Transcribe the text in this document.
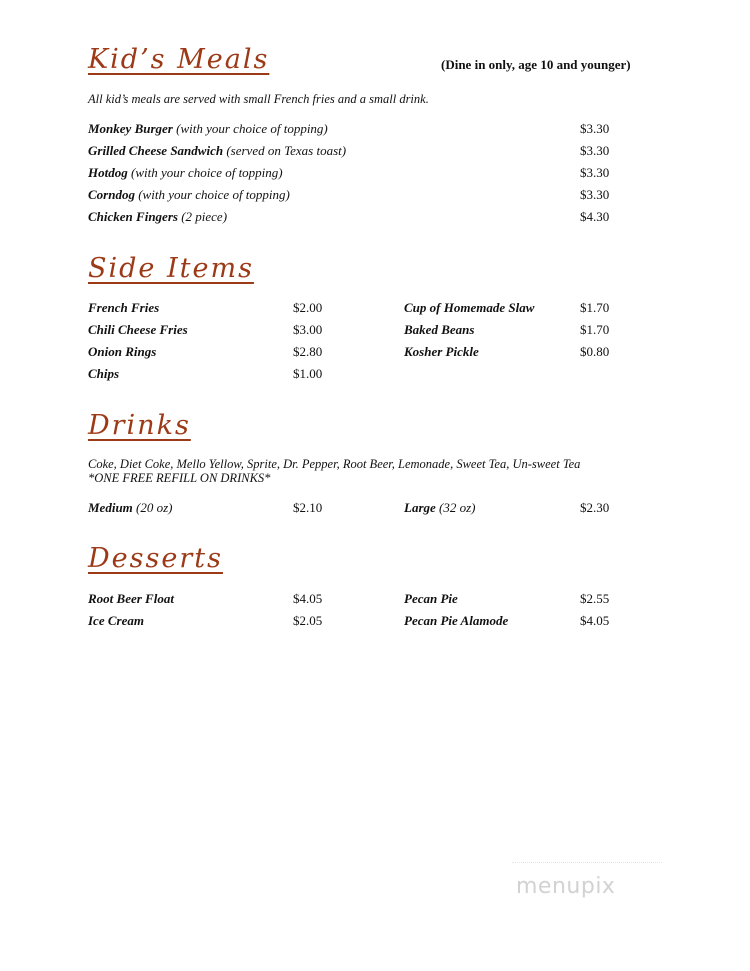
Kid’s Meals	(Dine in only, age 10 and younger)
All kid’s meals are served with small French fries and a small drink.
Monkey Burger (with your choice of topping)	$3.30
Grilled Cheese Sandwich (served on Texas toast)	$3.30
Hotdog (with your choice of topping)	$3.30
Corndog (with your choice of topping)	$3.30
Chicken Fingers (2 piece)	$4.30
Side Items
French Fries	$2.00
Chili Cheese Fries	$3.00
Onion Rings	$2.80
Chips	$1.00
Cup of Homemade Slaw	$1.70
Baked Beans	$1.70
Kosher Pickle	$0.80
Drinks
Coke, Diet Coke, Mello Yellow, Sprite, Dr. Pepper, Root Beer, Lemonade, Sweet Tea, Un-sweet Tea
*ONE FREE REFILL ON DRINKS*
Medium (20 oz)	$2.10	Large (32 oz)	$2.30
Desserts
Root Beer Float	$4.05
Ice Cream	$2.05
Pecan Pie	$2.55
Pecan Pie Alamode	$4.05
menupix
